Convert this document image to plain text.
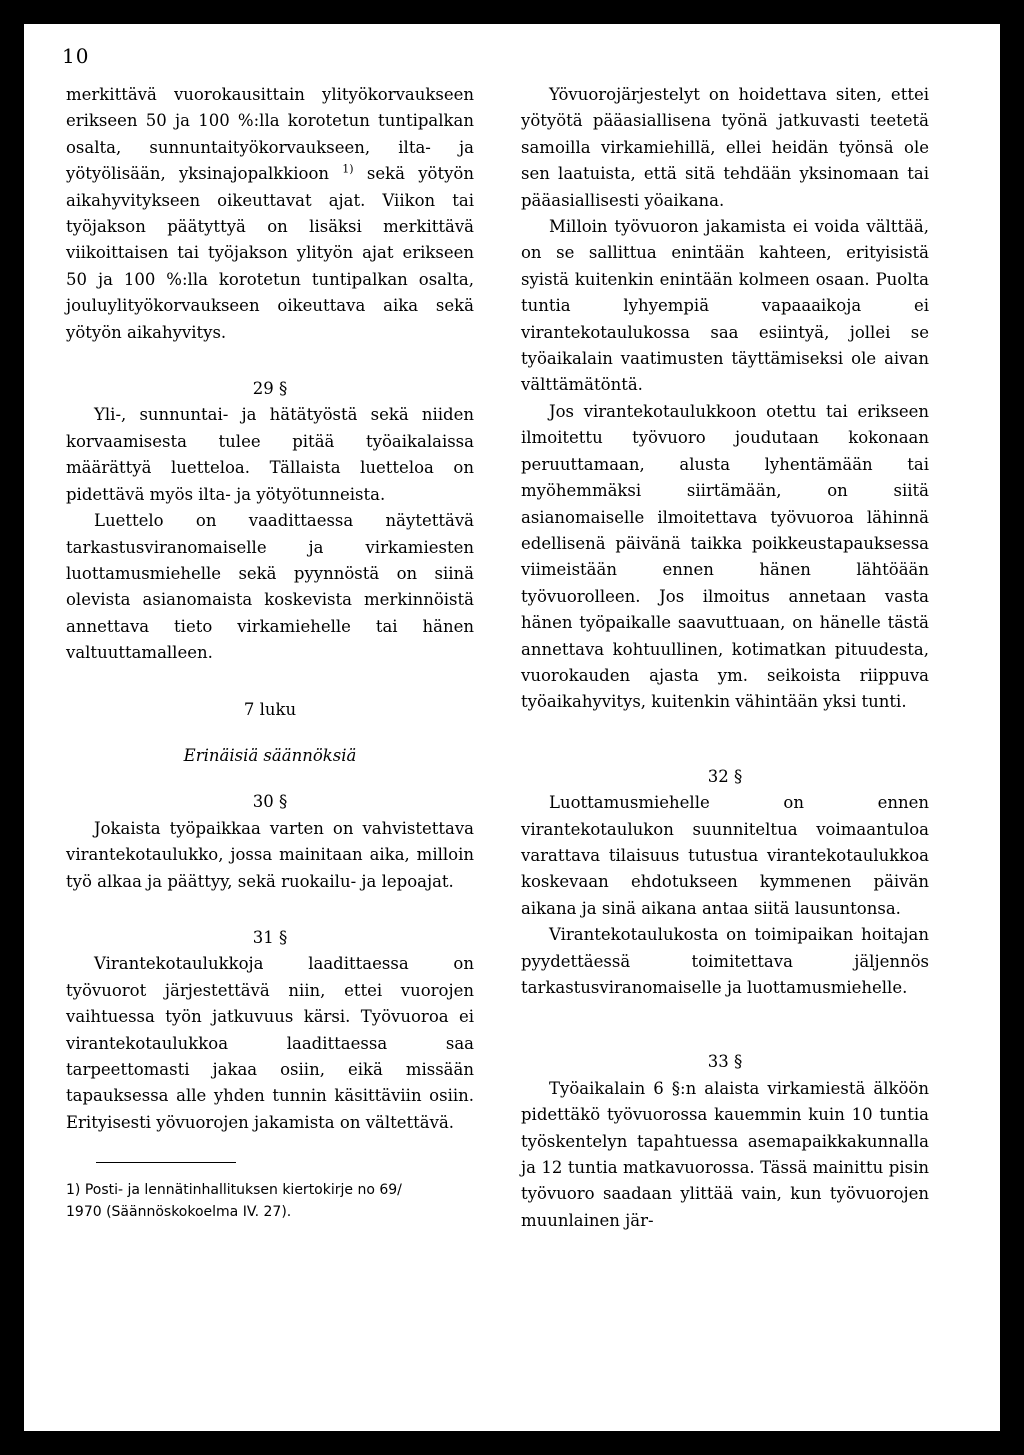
10

merkittävä vuorokausittain ylityökorvaukseen erikseen 50 ja 100 %:lla korotetun tuntipalkan osalta, sunnuntaityökorvaukseen, ilta- ja yötyölisään, yksinajopalkkioon $^{1)}$ sekä yötyön aikahyvitykseen oikeuttavat ajat. Viikon tai työjakson päätyttyä on lisäksi merkittävä viikoittaisen tai työjakson ylityön ajat erikseen 50 ja 100 %:lla korotetun tuntipalkan osalta, jouluylityökorvaukseen oikeuttava aika sekä yötyön aikahyvitys.

29 §

Yli-, sunnuntai- ja hätätyöstä sekä niiden korvaamisesta tulee pitää työaikalaissa määrättyä luetteloa. Tällaista luetteloa on pidettävä myös ilta- ja yötyötunneista.

Luettelo on vaadittaessa näytettävä tarkastusviranomaiselle ja virkamiesten luottamusmiehelle sekä pyynnöstä on siinä olevista asianomaista koskevista merkinnöistä annettava tieto virkamiehelle tai hänen valtuuttamalleen.

7 luku

Erinäisiä säännöksiä

30 §

Jokaista työpaikkaa varten on vahvistettava virantekotaulukko, jossa mainitaan aika, milloin työ alkaa ja päättyy, sekä ruokailu- ja lepoajat.

31 §

Virantekotaulukkoja laadittaessa on työvuorot järjestettävä niin, ettei vuorojen vaihtuessa työn jatkuvuus kärsi. Työvuoroa ei virantekotaulukkoa laadittaessa saa tarpeettomasti jakaa osiin, eikä missään tapauksessa alle yhden tunnin käsittäviin osiin. Erityisesti yövuorojen jakamista on vältettävä.

1) Posti- ja lennätinhallituksen kiertokirje no 69/
1970 (Säännöskokoelma IV. 27).

Yövuorojärjestelyt on hoidettava siten, ettei yötyötä pääasiallisena työnä jatkuvasti teetetä samoilla virkamiehillä, ellei heidän työnsä ole sen laatuista, että sitä tehdään yksinomaan tai pääasiallisesti yöaikana.

Milloin työvuoron jakamista ei voida välttää, on se sallittua enintään kahteen, erityisistä syistä kuitenkin enintään kolmeen osaan. Puolta tuntia lyhyempiä vapaaaikoja ei virantekotaulukossa saa esiintyä, jollei se työaikalain vaatimusten täyttämiseksi ole aivan välttämätöntä.

Jos virantekotaulukkoon otettu tai erikseen ilmoitettu työvuoro joudutaan kokonaan peruuttamaan, alusta lyhentämään tai myöhemmäksi siirtämään, on siitä asianomaiselle ilmoitettava työvuoroa lähinnä edellisenä päivänä taikka poikkeustapauksessa viimeistään ennen hänen lähtöään työvuorolleen. Jos ilmoitus annetaan vasta hänen työpaikalle saavuttuaan, on hänelle tästä annettava kohtuullinen, kotimatkan pituudesta, vuorokauden ajasta ym. seikoista riippuva työaikahyvitys, kuitenkin vähintään yksi tunti.

32 §

Luottamusmiehelle on ennen virantekotaulukon suunniteltua voimaantuloa varattava tilaisuus tutustua virantekotaulukkoa koskevaan ehdotukseen kymmenen päivän aikana ja sinä aikana antaa siitä lausuntonsa.

Virantekotaulukosta on toimipaikan hoitajan pyydettäessä toimitettava jäljennös tarkastusviranomaiselle ja luottamusmiehelle.

33 §

Työaikalain 6 §:n alaista virkamiestä älköön pidettäkö työvuorossa kauemmin kuin 10 tuntia työskentelyn tapahtuessa asemapaikkakunnalla ja 12 tuntia matkavuorossa. Tässä mainittu pisin työvuoro saadaan ylittää vain, kun työvuorojen muunlainen jär-
